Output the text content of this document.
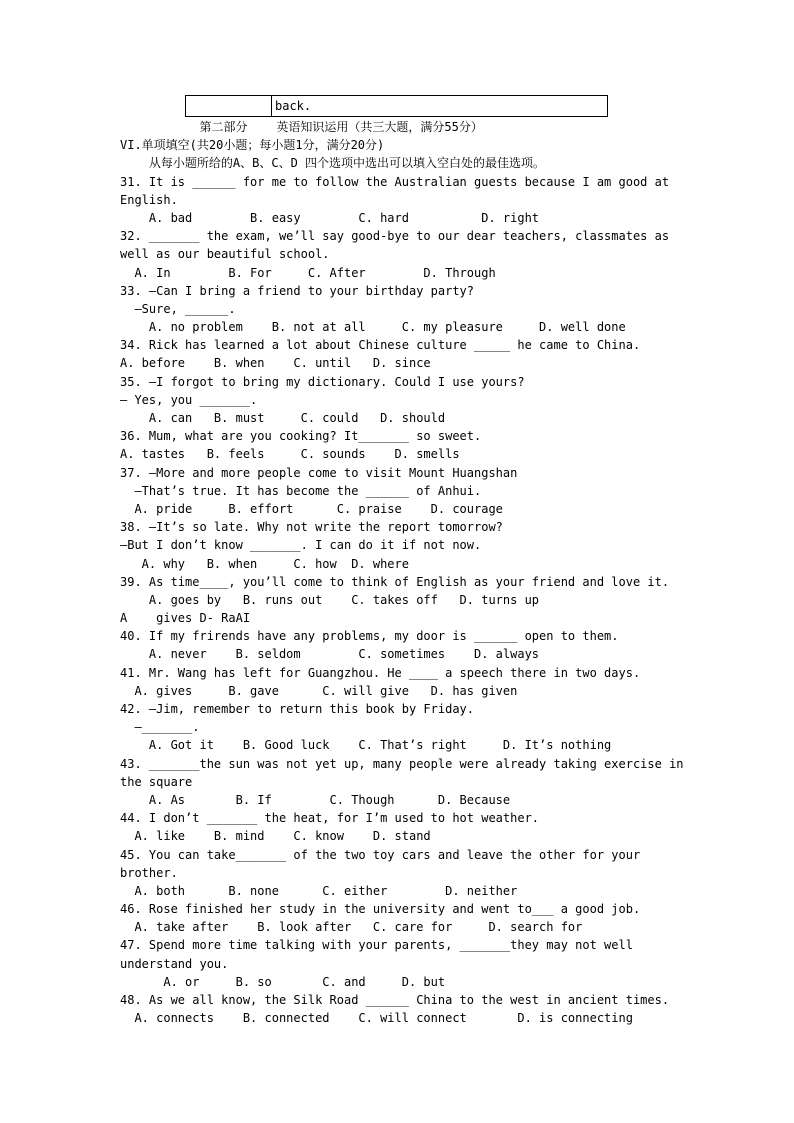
back.
第二部分    英语知识运用（共三大题，满分55分）
VI.单项填空(共20小题；每小题1分，满分20分)
从每小题所给的A、B、C、D 四个选项中选出可以填入空白处的最佳选项。
31. It is ______ for me to follow the Australian guests because I am good at
English.
A. bad        B. easy        C. hard          D. right
32. _______ the exam, we’ll say good-bye to our dear teachers, classmates as
well as our beautiful school.
A. In        B. For     C. After        D. Through
33. —Can I bring a friend to your birthday party?
—Sure, ______.
A. no problem    B. not at all     C. my pleasure     D. well done
34. Rick has learned a lot about Chinese culture _____ he came to China.
A. before    B. when    C. until   D. since
35. —I forgot to bring my dictionary. Could I use yours?
— Yes, you _______.
A. can   B. must     C. could   D. should
36. Mum, what are you cooking? It_______ so sweet.
A. tastes   B. feels     C. sounds    D. smells
37. —More and more people come to visit Mount Huangshan
—That’s true. It has become the ______ of Anhui.
A. pride     B. effort      C. praise    D. courage
38. —It’s so late. Why not write the report tomorrow?
—But I don’t know _______. I can do it if not now.
A. why   B. when     C. how  D. where
39. As time____, you’ll come to think of English as your friend and love it.
A. goes by   B. runs out    C. takes off   D. turns up
A    gives D- RaAI
40. If my frirends have any problems, my door is ______ open to them.
A. never    B. seldom        C. sometimes    D. always
41. Mr. Wang has left for Guangzhou. He ____ a speech there in two days.
A. gives     B. gave      C. will give   D. has given
42. —Jim, remember to return this book by Friday.
—_______.
A. Got it    B. Good luck    C. That’s right     D. It’s nothing
43. _______the sun was not yet up, many people were already taking exercise in
the square
A. As       B. If        C. Though      D. Because
44. I don’t _______ the heat, for I’m used to hot weather.
A. like    B. mind    C. know    D. stand
45. You can take_______ of the two toy cars and leave the other for your
brother.
A. both      B. none      C. either        D. neither
46. Rose finished her study in the university and went to___ a good job.
A. take after    B. look after   C. care for     D. search for
47. Spend more time talking with your parents, _______they may not well
understand you.
A. or     B. so       C. and     D. but
48. As we all know, the Silk Road ______ China to the west in ancient times.
A. connects    B. connected    C. will connect       D. is connecting
